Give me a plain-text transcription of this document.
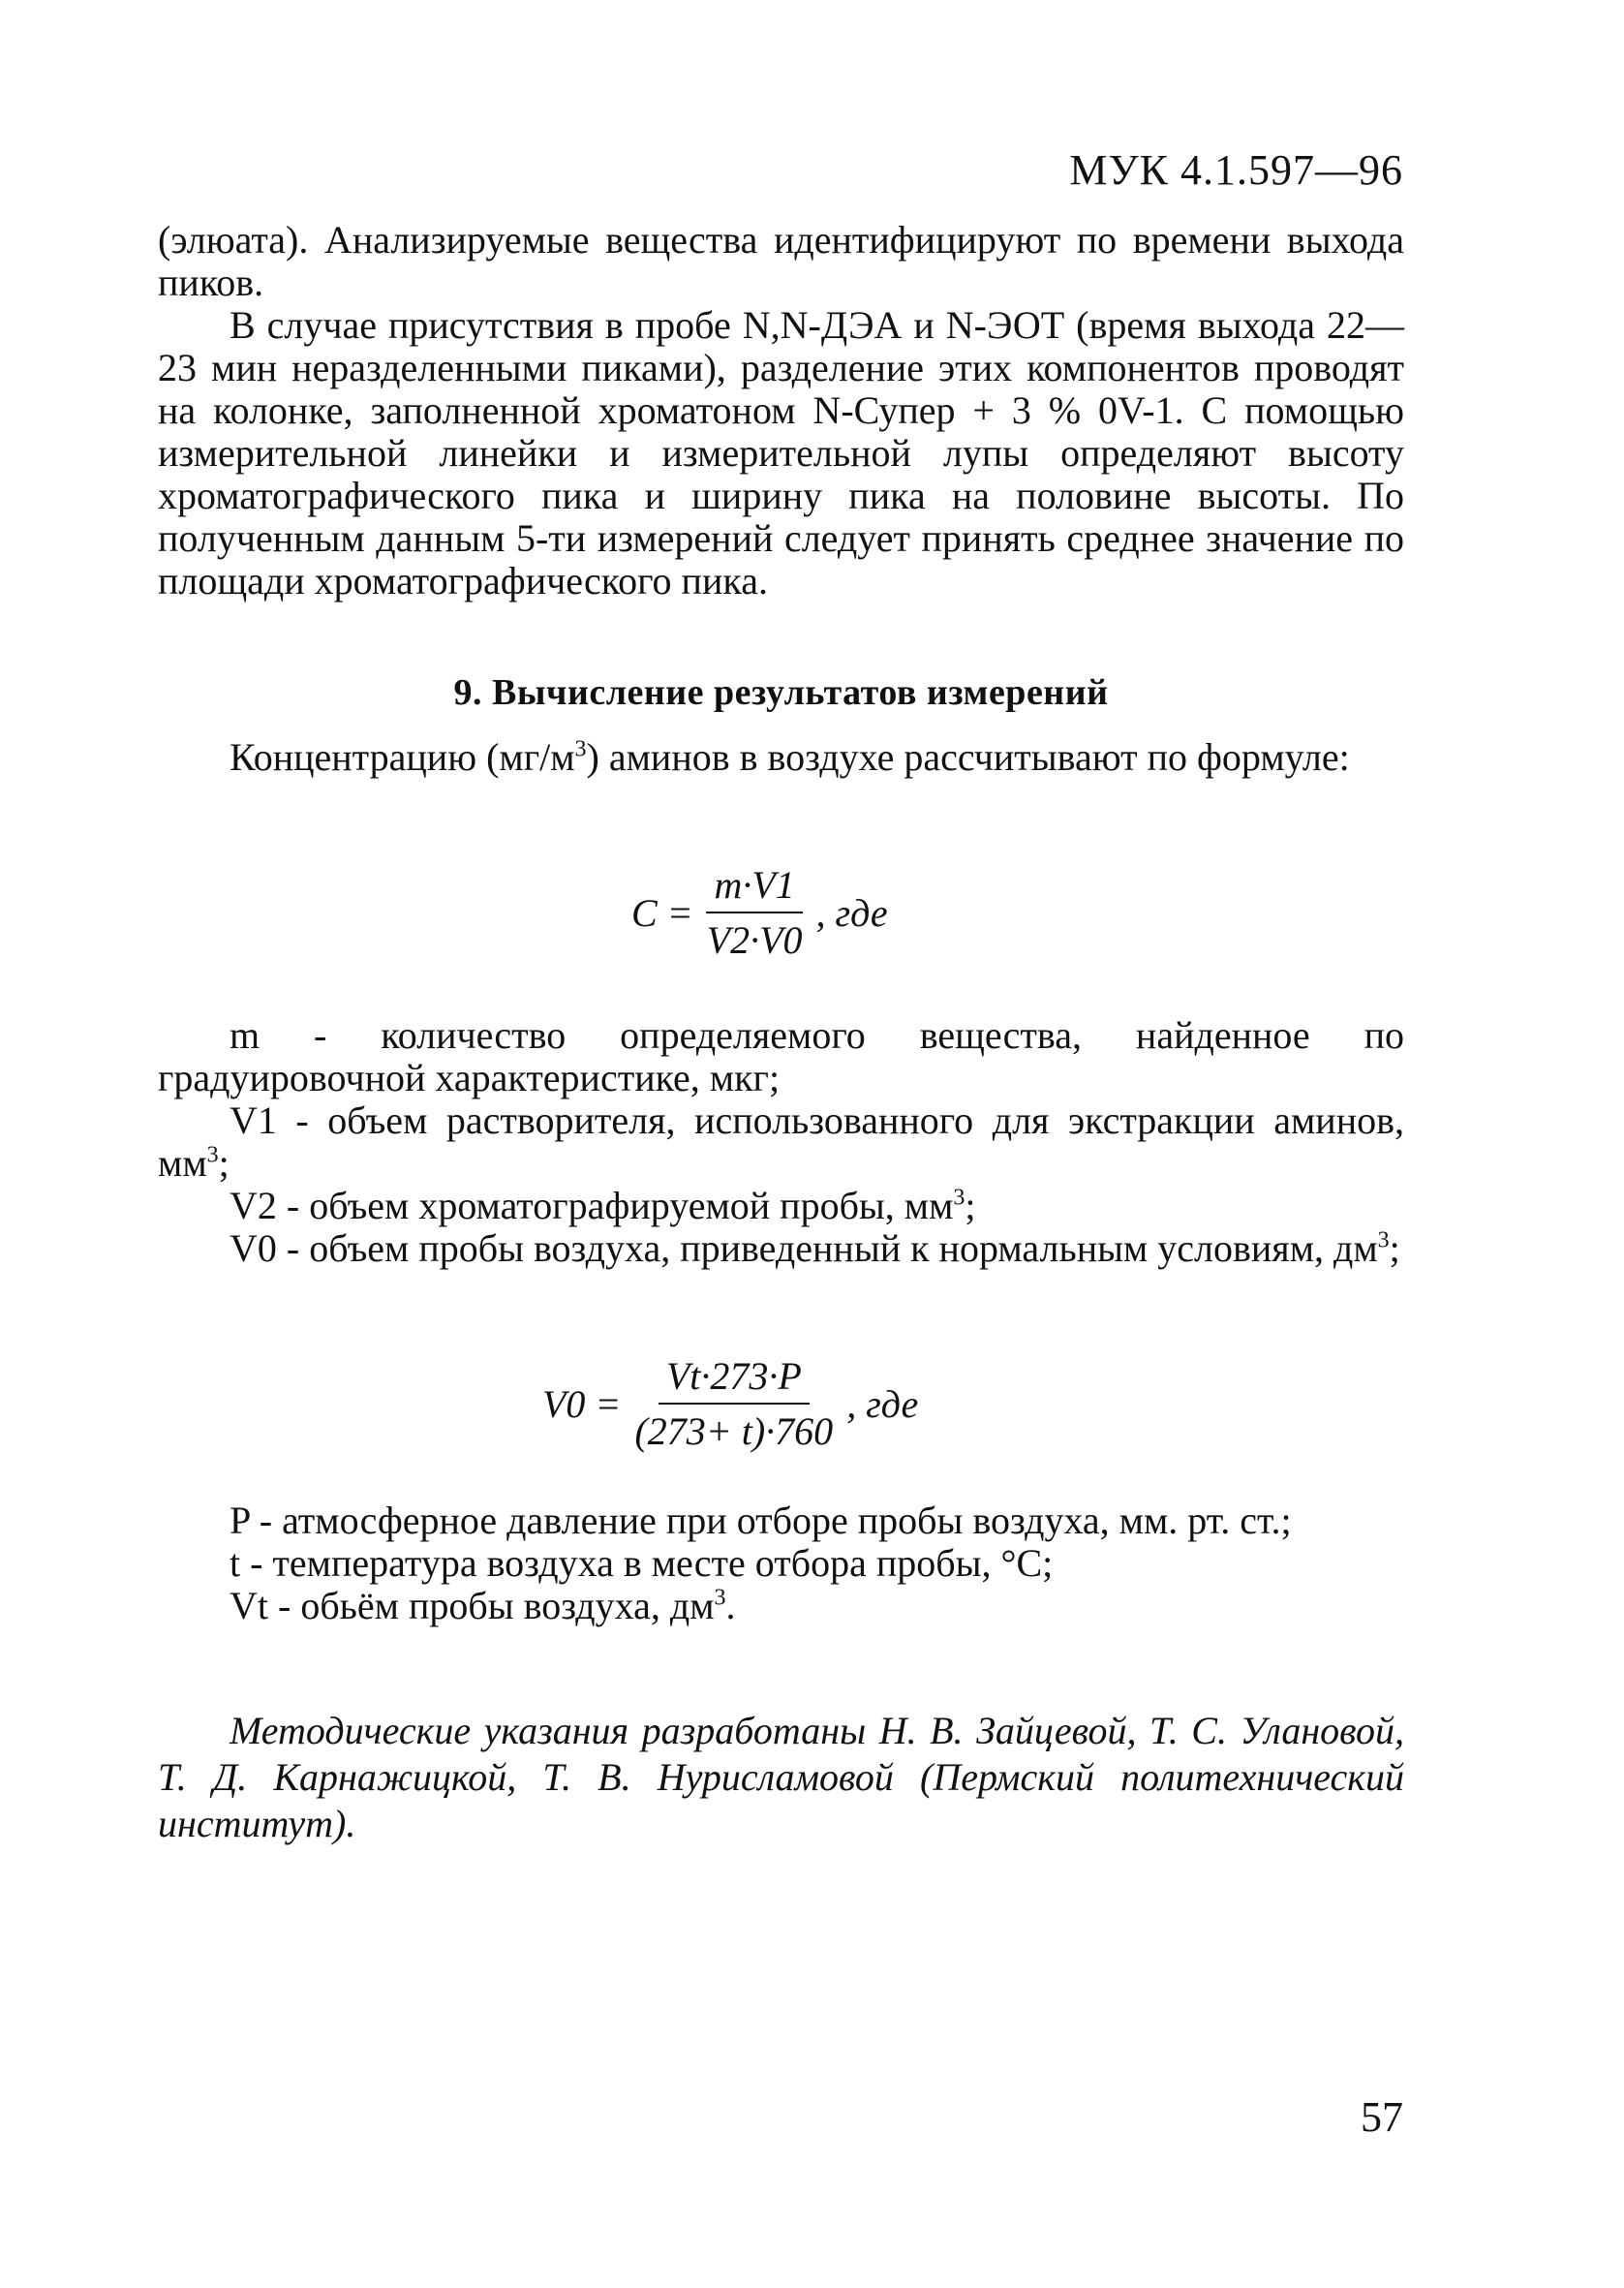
МУК 4.1.597—96

(элюата). Анализируемые вещества идентифицируют по времени выхода пиков.

В случае присутствия в пробе N,N-ДЭА и N-ЭОТ (время выхода 22—23 мин неразделенными пиками), разделение этих компонентов проводят на колонке, заполненной хроматоном N-Супер + 3 % 0V-1. С помощью измерительной линейки и измерительной лупы определяют высоту хроматографического пика и ширину пика на половине высоты. По полученным данным 5-ти измерений следует принять среднее значение по площади хроматографического пика.

9. Вычисление результатов измерений

Концентрацию $(мг/м^3)$ аминов в воздухе рассчитывают по формуле:

$C = \frac{m\cdot V1}{V2\cdot V0}$ , где

m - количество определяемого вещества, найденное по градуировочной характеристике, мкг;

V1 - объем растворителя, использованного для экстракции аминов, $мм^3$;

V2 - объем хроматографируемой пробы, $мм^3$;

V0 - объем пробы воздуха, приведенный к нормальным условиям, $дм^3$;

$V0 = \frac{Vt\cdot 273\cdot P}{(273+ t)\cdot 760}$ , где

P - атмосферное давление при отборе пробы воздуха, мм. рт. ст.;

t - температура воздуха в месте отбора пробы, °С;

Vt - обьём пробы воздуха, $дм^3$.

Методические указания разработаны Н. В. Зайцевой, Т. С. Улановой, Т. Д. Карнажицкой, Т. В. Нурисламовой (Пермский политехнический институт).

57
